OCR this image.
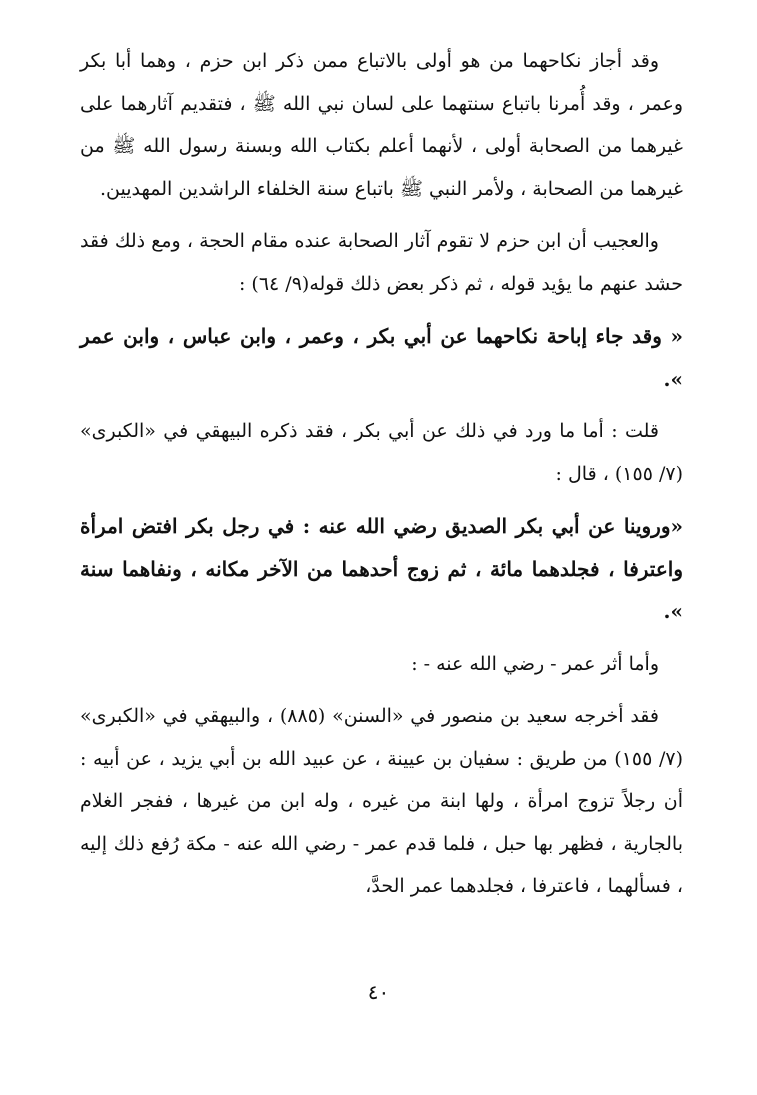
وقد أجاز نكاحهما من هو أولى بالاتباع ممن ذكر ابن حزم ، وهما أبا بكر وعمر ، وقد أُمرنا باتباع سنتهما على لسان نبي الله ﷺ ، فتقديم آثارهما على غيرهما من الصحابة أولى ، لأنهما أعلم بكتاب الله وبسنة رسول الله ﷺ من غيرهما من الصحابة ، ولأمر النبي ﷺ باتباع سنة الخلفاء الراشدين المهديين.

والعجيب أن ابن حزم لا تقوم آثار الصحابة عنده مقام الحجة ، ومع ذلك فقد حشد عنهم ما يؤيد قوله ، ثم ذكر بعض ذلك قوله(٩/ ٦٤) :

« وقد جاء إباحة نكاحهما عن أبي بكر ، وعمر ، وابن عباس ، وابن عمر ».

قلت : أما ما ورد في ذلك عن أبي بكر ، فقد ذكره البيهقي في «الكبرى» (٧/ ١٥٥) ، قال :

«وروينا عن أبي بكر الصديق رضي الله عنه : في رجل بكر افتض امرأة واعترفا ، فجلدهما مائة ، ثم زوج أحدهما من الآخر مكانه ، ونفاهما سنة ».

وأما أثر عمر - رضي الله عنه - :

فقد أخرجه سعيد بن منصور في «السنن» (٨٨٥) ، والبيهقي في «الكبرى» (٧/ ١٥٥) من طريق : سفيان بن عيينة ، عن عبيد الله بن أبي يزيد ، عن أبيه : أن رجلاً تزوج امرأة ، ولها ابنة من غيره ، وله ابن من غيرها ، ففجر الغلام بالجارية ، فظهر بها حبل ، فلما قدم عمر - رضي الله عنه - مكة رُفع ذلك إليه ، فسألهما ، فاعترفا ، فجلدهما عمر الحدَّ،

٤٠
